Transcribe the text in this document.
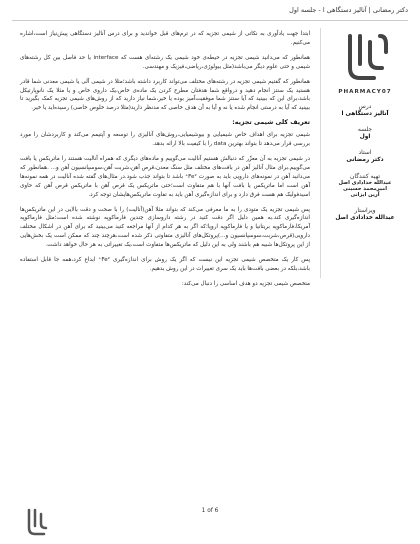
دکتر رمضانی | آنالیز دستگاهی ا - جلسه اول

ابتدا جهت یادآوری به نکاتی از شیمی تجزیه که در ترم‌های قبل خواندید و برای درس آنالیز دستگاهی پیش‌نیاز است،اشاره می‌کنیم.

همانطور که می‌دانید شیمی تجزیه در حیطه‌ی خود شیمی یک رشته‌ای هست که interface یا حد فاصل بین کل رشته‌های شیمی و حتی علوم دیگر می‌باشد(مثل بیولوژی،ریاضی،فیزیک و مهندسی.

همانطور که گفتیم شیمی تجزیه در رشته‌های مختلف می‌تواند کاربرد داشته باشد؛مثلا در شیمی آلی یا شیمی معدنی شما قادر هستید یک سنتز انجام دهید و درواقع شما هدفتان مطرح کردن یک ماده‌ی خاص،یک داروی خاص و یا مثلا یک نانوپارتیکل باشد،برای این که ببینید که آیا سنتز شما موفقیت‌آمیز بوده یا خیر،شما نیاز دارید که از روش‌های شیمی تجزیه کمک بگیرید تا ببینید که آیا به درستی انجام شده یا نه و آیا به آن هدف خاصی که مدنظر دارید(مثلا درصد خلوص خاصی) رسیده‌اید یا خیر.

تعریف کلی شیمی تجزیه:

شیمی تجزیه برای اهداف خاص شیمیایی و بیوشیمیایی،روش‌های آنالیزی را توسعه و آپتیمم می‌کند و کاربردشان را مورد بررسی قرار می‌دهد تا بتواند بهترین data را با کیفیت بالا ارائه بدهد.

در شیمی تجزیه به آن معرِّر که دنبالش هستیم آنالیت می‌گوییم و ماده‌های دیگری که همراه آنالیت هستند را ماتریکس یا بافت می‌گوییم.برای مثال آنالیز آهن در بافت‌های مختلف مثل سنگ معدن،قرص آهن،شربت آهن،سوسپانسیون آهن و... .همانطور که می‌دانید آهن در نمونه‌های دارویی باید به صورت Fe²⁺ باشد تا بتواند جذب شود.در مثال‌های گفته شده آنالیت در همه نمونه‌ها آهن است اما ماتریکس یا بافت آنها با هم متفاوت است؛حتی ماتریکس یک قرص آهن با ماتریکس قرص آهن که حاوی اسیدفولیک هم هست فرق دارد و برای اندازه‌گیری آهن باید به تفاوت ماتریکس‌هایشان توجه کرد.

پس شیمی تجزیه یک متودی را به ما معرفی می‌کند که بتواند مثلا آهن(آنالیت) را با صحت و دقت بالایی در این ماتریکس‌ها اندازه‌گیری کند.به همین دلیل اگر دقت کنید در رشته داروسازی چندین فارماکوپه نوشته شده است؛مثل فارماکوپه آمریکا،فارماکوپه بریتانیا و یا فارماکوپه اروپا؛که اگر به هر کدام از آنها مراجعه کنید می‌بینید که برای آهن در اشکال مختلف دارویی(قرص،شربت،سوسپانسیون و...)پروتکل‌های آنالیزی متفاوتی ذکر شده است،هرچند چند که ممکن است یک بخش‌هایی از این پروتکل‌ها شبیه هم باشند ولی به این دلیل که ماتریکس‌ها متفاوت است،یک تغییراتی به هر حال خواهد داشت.

پس کار یک متخصص شیمی تجزیه این نیست که اگر یک روش برای اندازه‌گیری Fe²⁺ ابداع کرد،همه جا قابل استفاده باشد،بلکه در بعضی بافت‌ها باید یک سری تغییرات در این روش بدهیم.

متخصص شیمی تجزیه دو هدف اساسی را دنبال می‌کند:

PHARMACY07
درس
آنالیز دستگاهی ا
جلسه
اول
استاد
دکتر رمضانی
تهیه کنندگان
عبدالله خدادادی اصل
امیرمحمد حسینی
آرین ایزانی
ویراستار
عبدالله خدادادی اصل
1 of 6
